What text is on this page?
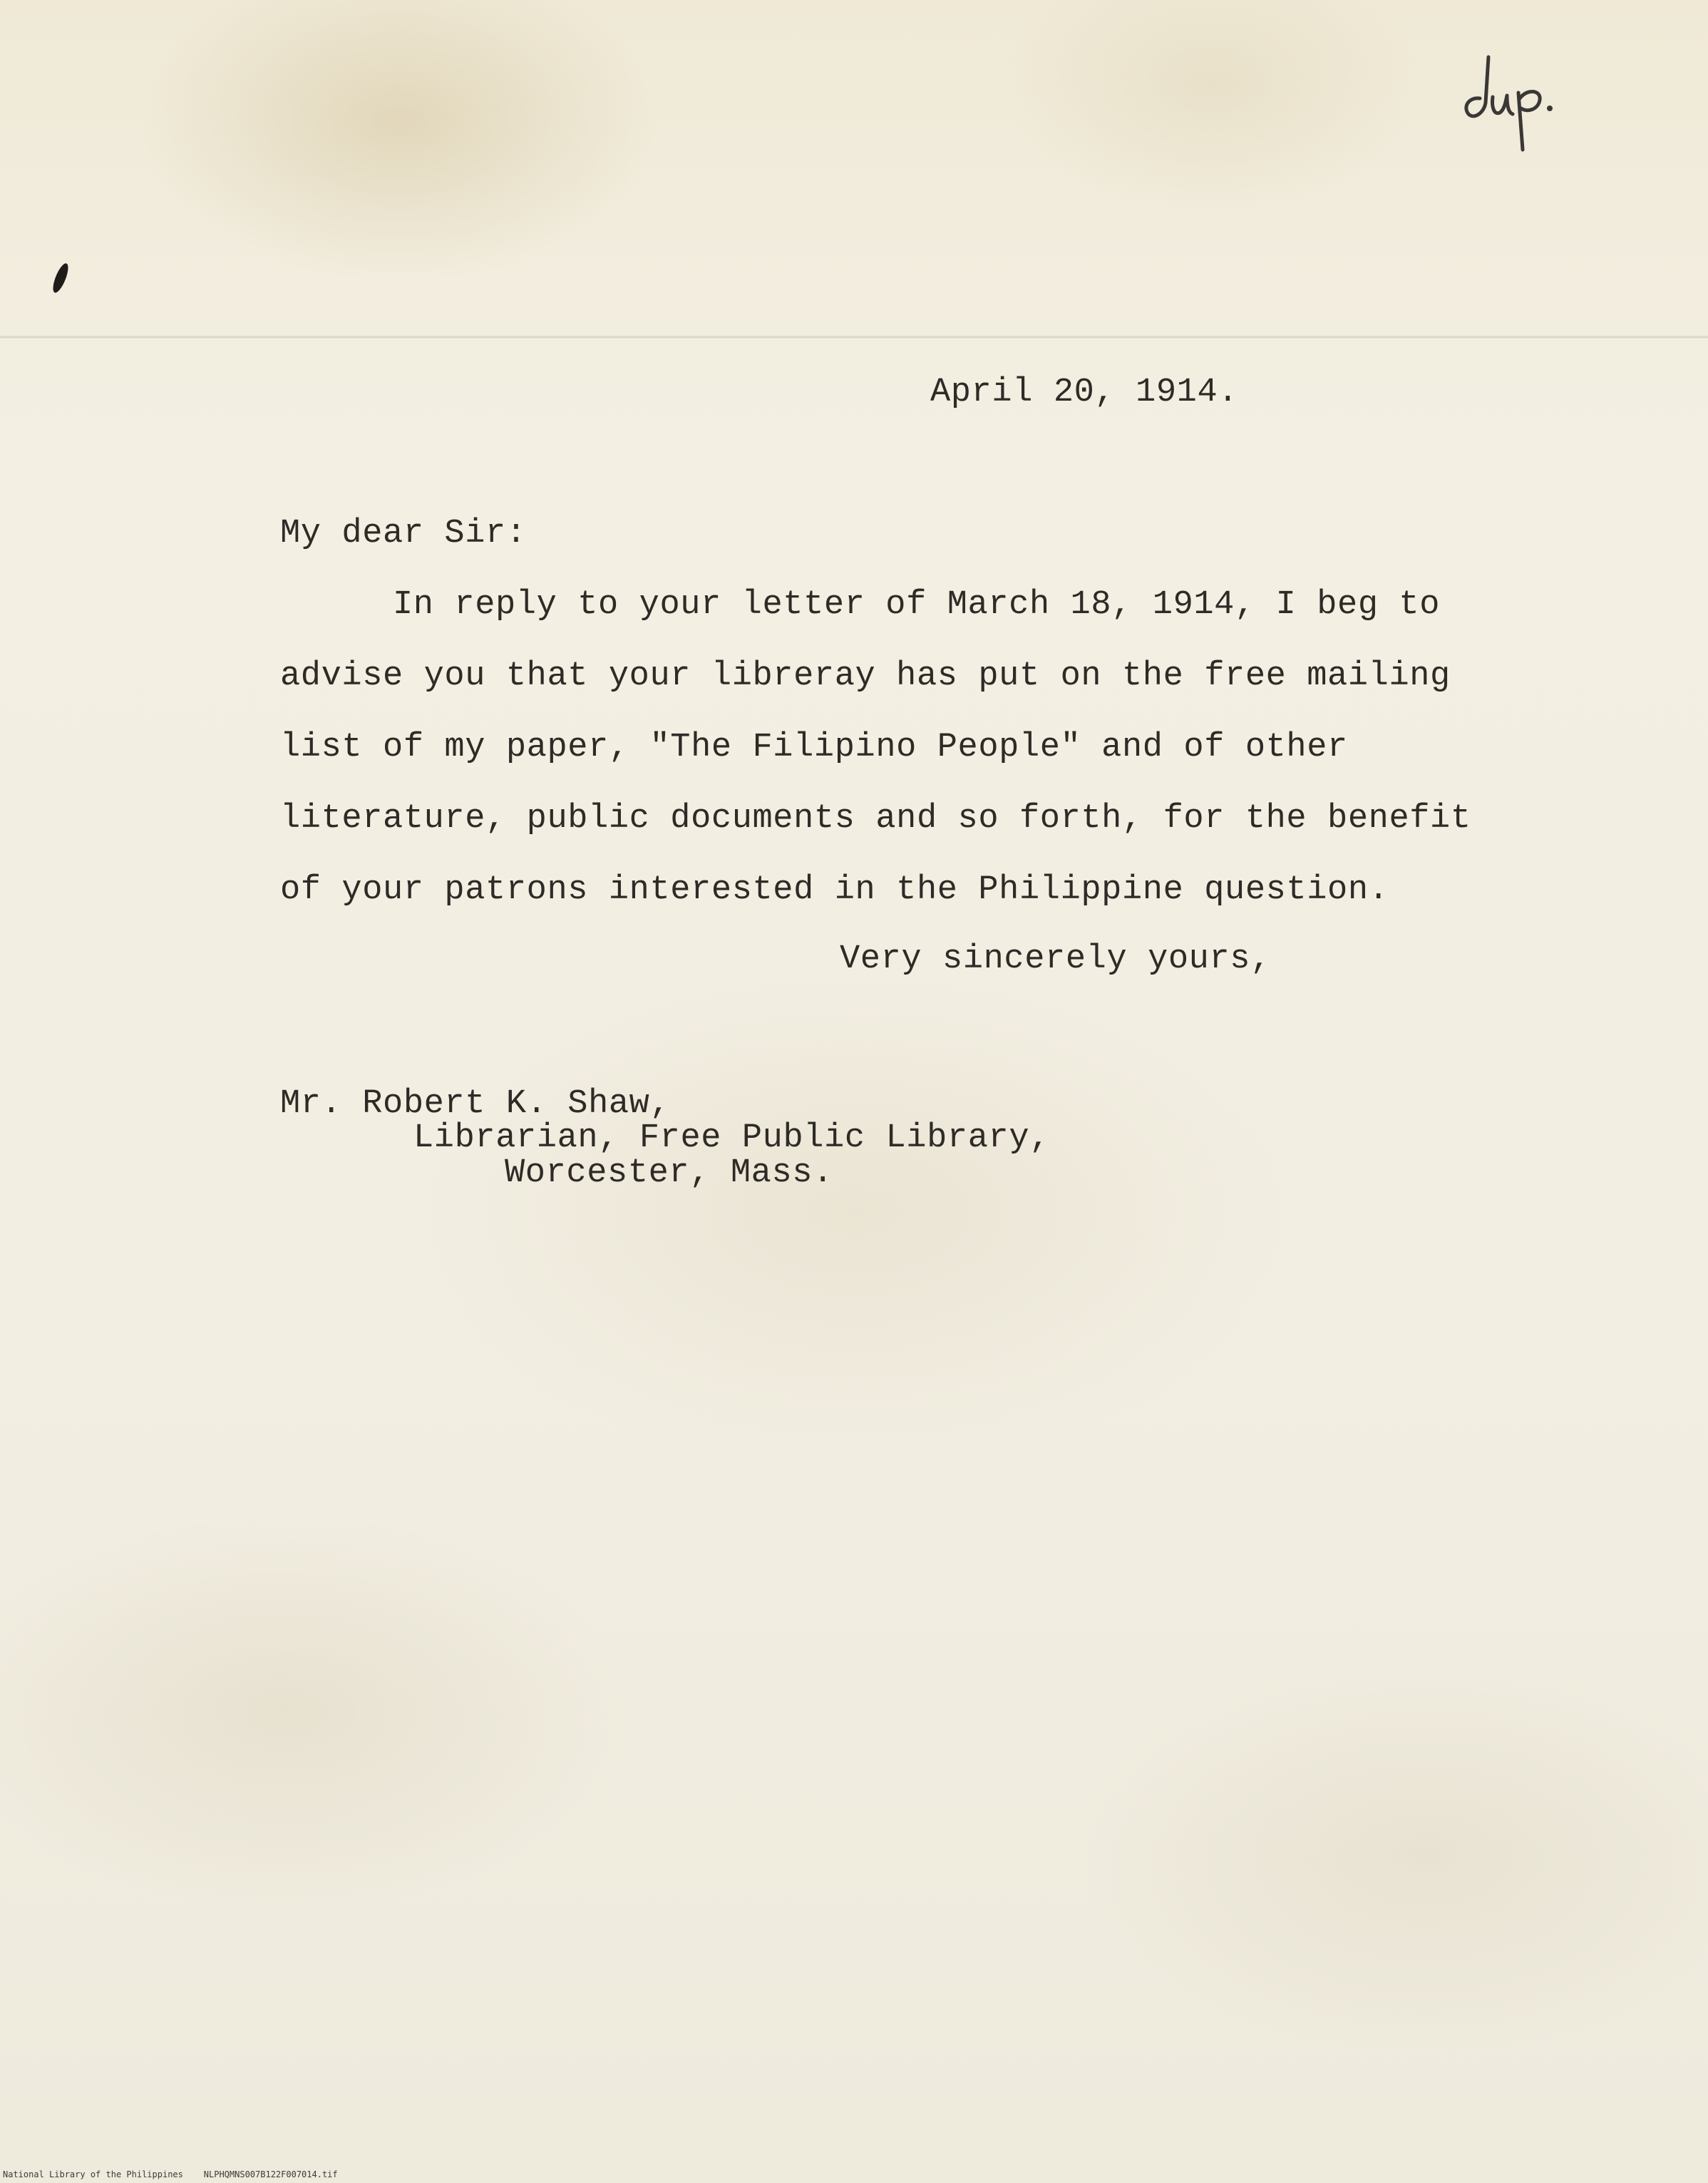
April 20, 1914.
My dear Sir:
In reply to your letter of March 18, 1914, I beg to
advise you that your libreray has put on the free mailing
list of my paper, "The Filipino People" and of other
literature, public documents and so forth, for the benefit
of your patrons interested in the Philippine question.
Very sincerely yours,
Mr. Robert K. Shaw,
Librarian, Free Public Library,
Worcester, Mass.
National Library of the Philippines NLPHQMNS007B122F007014.tif
